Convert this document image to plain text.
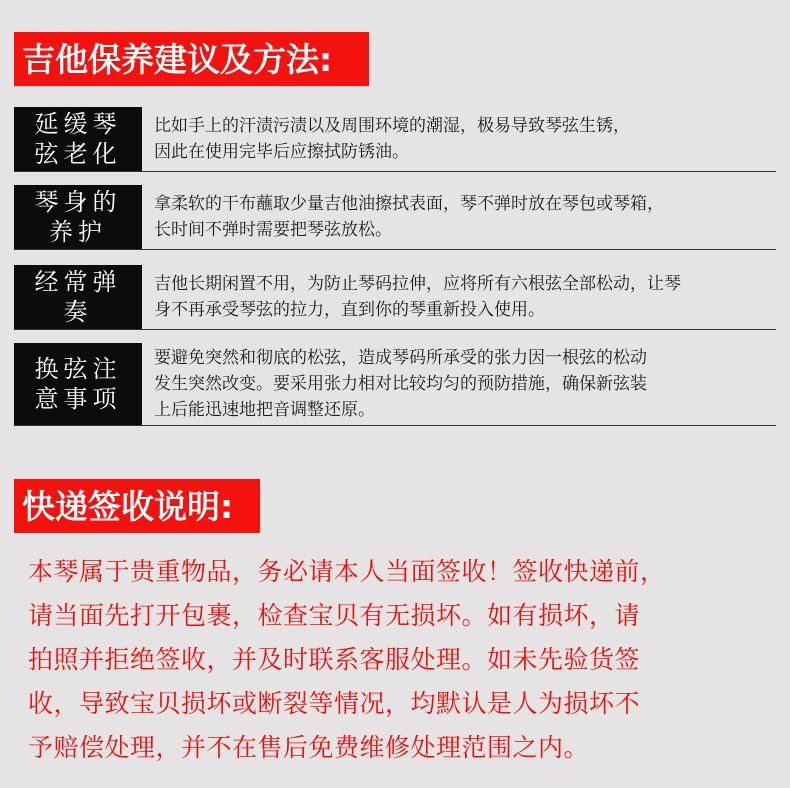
吉他保养建议及方法:
延缓琴
弦老化
比如手上的汗渍污渍以及周围环境的潮湿，极易导致琴弦生锈，
因此在使用完毕后应擦拭防锈油。
琴身的
养护
拿柔软的干布蘸取少量吉他油擦拭表面，琴不弹时放在琴包或琴箱，
长时间不弹时需要把琴弦放松。
经常弹奏
吉他长期闲置不用，为防止琴码拉伸，应将所有六根弦全部松动，让琴
身不再承受琴弦的拉力，直到你的琴重新投入使用。
换弦注
意事项
要避免突然和彻底的松弦，造成琴码所承受的张力因一根弦的松动
发生突然改变。要采用张力相对比较均匀的预防措施，确保新弦装
上后能迅速地把音调整还原。
快递签收说明:
本琴属于贵重物品，务必请本人当面签收！签收快递前，
请当面先打开包裹，检查宝贝有无损坏。如有损坏，请
拍照并拒绝签收，并及时联系客服处理。如未先验货签
收，导致宝贝损坏或断裂等情况，均默认是人为损坏不
予赔偿处理，并不在售后免费维修处理范围之内。
